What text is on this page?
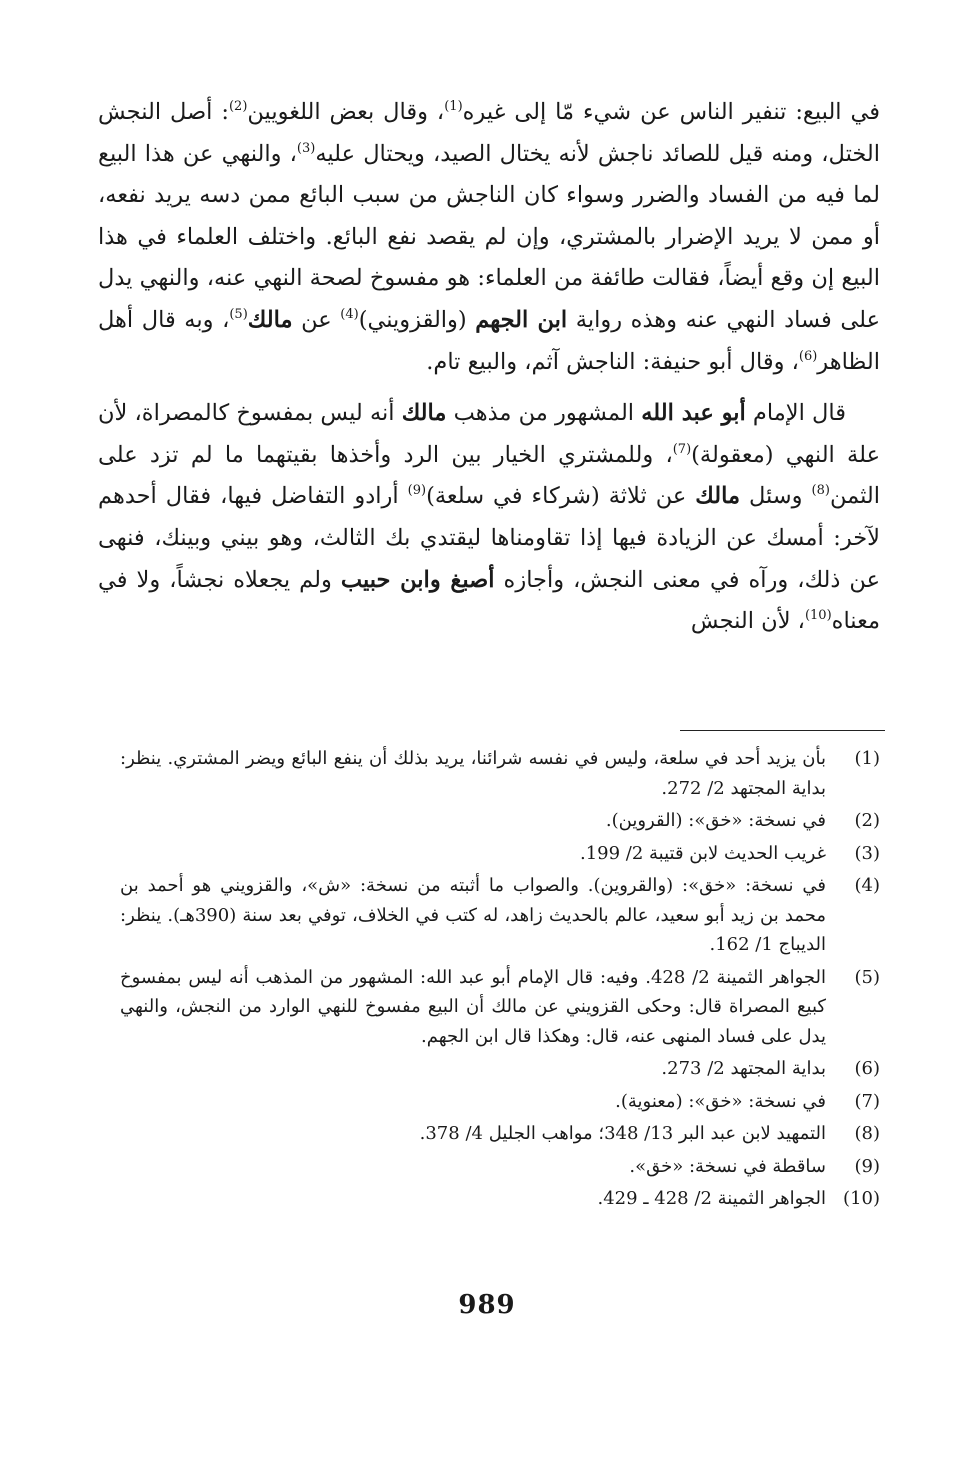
في البيع: تنفير الناس عن شيء مّا إلى غيره$^{(1)}$، وقال بعض اللغويين$^{(2)}$: أصل النجش الختل، ومنه قيل للصائد ناجش لأنه يختال الصيد، ويحتال عليه$^{(3)}$، والنهي عن هذا البيع لما فيه من الفساد والضرر وسواء كان الناجش من سبب البائع ممن دسه يريد نفعه، أو ممن لا يريد الإضرار بالمشتري، وإن لم يقصد نفع البائع. واختلف العلماء في هذا البيع إن وقع أيضاً، فقالت طائفة من العلماء: هو مفسوخ لصحة النهي عنه، والنهي يدل على فساد النهي عنه وهذه رواية ابن الجهم (والقزويني)$^{(4)}$ عن مالك$^{(5)}$، وبه قال أهل الظاهر$^{(6)}$، وقال أبو حنيفة: الناجش آثم، والبيع تام.

قال الإمام أبو عبد الله المشهور من مذهب مالك أنه ليس بمفسوخ كالمصراة، لأن علة النهي (معقولة)$^{(7)}$، وللمشتري الخيار بين الرد وأخذها بقيتهما ما لم تزد على الثمن$^{(8)}$ وسئل مالك عن ثلاثة (شركاء في سلعة)$^{(9)}$ أرادو التفاضل فيها، فقال أحدهم لآخر: أمسك عن الزيادة فيها إذا تقاومناها ليقتدي بك الثالث، وهو بيني وبينك، فنهى عن ذلك، ورآه في معنى النجش، وأجازه أصبغ وابن حبيب ولم يجعلاه نجشاً، ولا في معناه$^{(10)}$، لأن النجش

(1)
بأن يزيد أحد في سلعة، وليس في نفسه شرائنا، يريد بذلك أن ينفع البائع ويضر المشتري. ينظر: بداية المجتهد 2/ 272.
(2)
في نسخة: «خق»: (القروين).
(3)
غريب الحديث لابن قتيبة 2/ 199.
(4)
في نسخة: «خق»: (والقروين). والصواب ما أثبته من نسخة: «ش»، والقزويني هو أحمد بن محمد بن زيد أبو سعيد، عالم بالحديث زاهد، له كتب في الخلاف، توفي بعد سنة (390هـ). ينظر: الديباج 1/ 162.
(5)
الجواهر الثمينة 2/ 428. وفيه: قال الإمام أبو عبد الله: المشهور من المذهب أنه ليس بمفسوخ كبيع المصراة قال: وحكى القزويني عن مالك أن البيع مفسوخ للنهي الوارد من النجش، والنهي يدل على فساد المنهى عنه، قال: وهكذا قال ابن الجهم.
(6)
بداية المجتهد 2/ 273.
(7)
في نسخة: «خق»: (معنوية).
(8)
التمهيد لابن عبد البر 13/ 348؛ مواهب الجليل 4/ 378.
(9)
ساقطة في نسخة: «خق».
(10)
الجواهر الثمينة 2/ 428 ـ 429.
989
